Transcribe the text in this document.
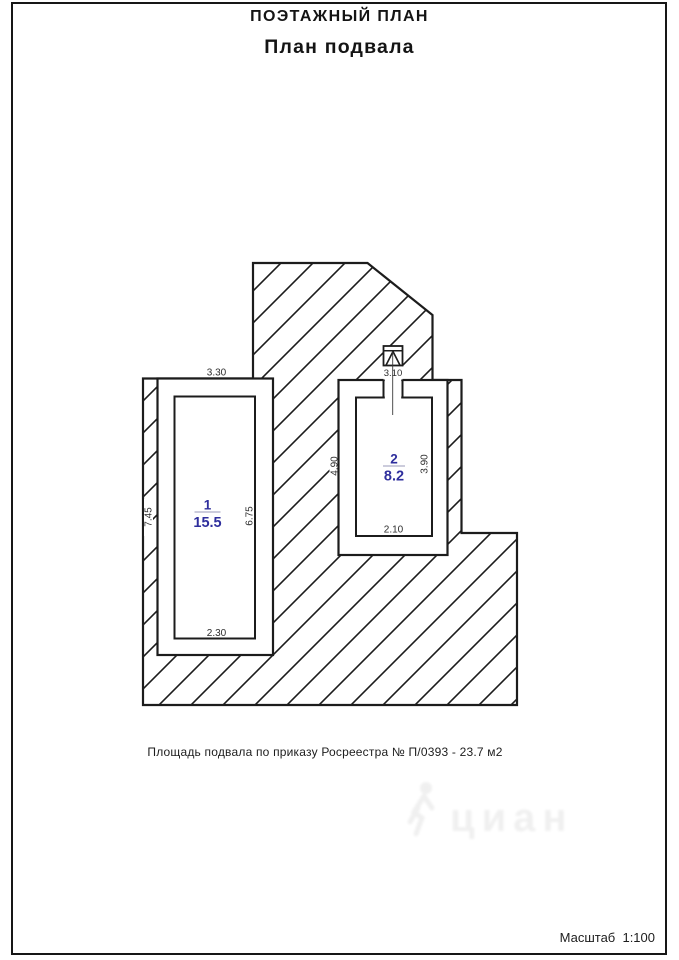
ПОЭТАЖНЫЙ ПЛАН
План подвала
3.30
7.45	6.75
2.30
1
15.5
3.10
4.90	3.90
2.10
2
8.2
Площадь подвала по приказу Росреестра № П/0393 - 23.7 м2
циан
Масштаб  1:100
